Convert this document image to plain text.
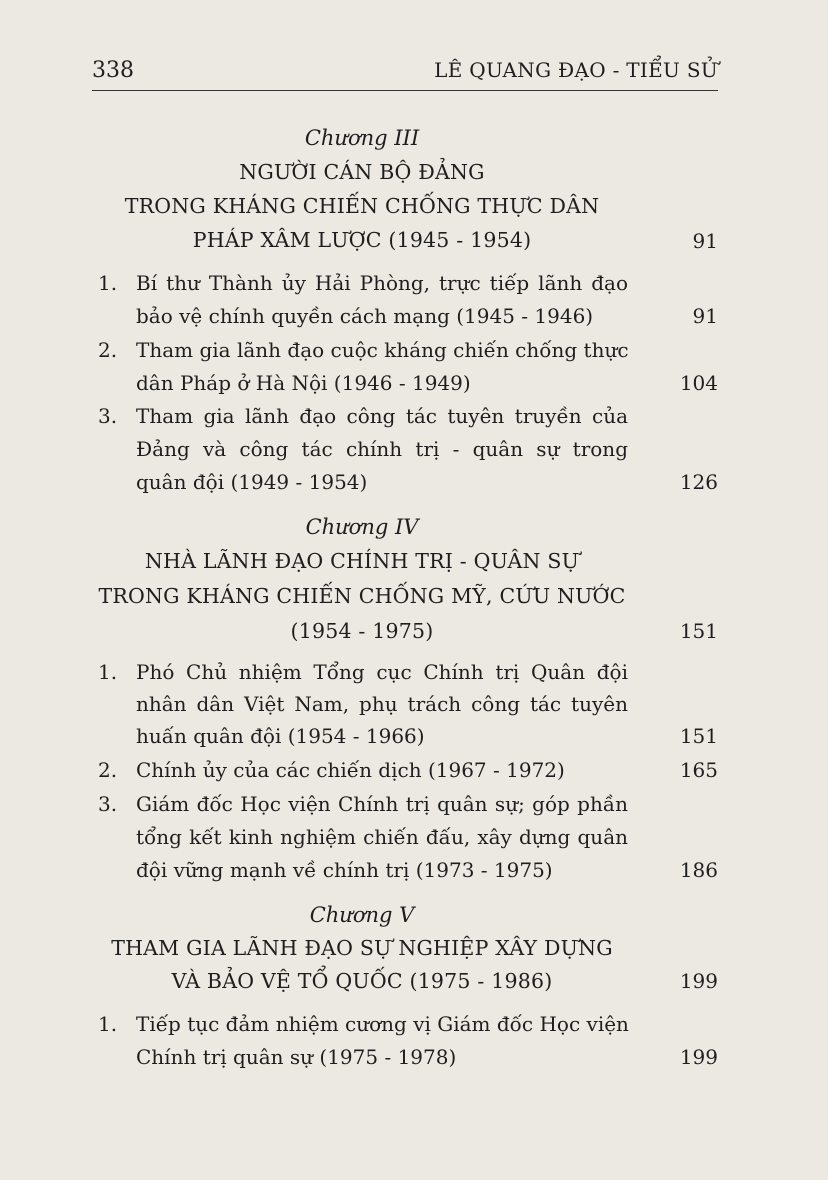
338	LÊ QUANG ĐẠO - TIỂU SỬ
Chương III
NGƯỜI CÁN BỘ ĐẢNG
TRONG KHÁNG CHIẾN CHỐNG THỰC DÂN
PHÁP XÂM LƯỢC (1945 - 1954)	91
1. Bí thư Thành ủy Hải Phòng, trực tiếp lãnh đạo
bảo vệ chính quyền cách mạng (1945 - 1946)	91
2. Tham gia lãnh đạo cuộc kháng chiến chống thực
dân Pháp ở Hà Nội (1946 - 1949)	104
3. Tham gia lãnh đạo công tác tuyên truyền của
Đảng và công tác chính trị - quân sự trong
quân đội (1949 - 1954)	126
Chương IV
NHÀ LÃNH ĐẠO CHÍNH TRỊ - QUÂN SỰ
TRONG KHÁNG CHIẾN CHỐNG MỸ, CỨU NƯỚC
(1954 - 1975)	151
1. Phó Chủ nhiệm Tổng cục Chính trị Quân đội
nhân dân Việt Nam, phụ trách công tác tuyên
huấn quân đội (1954 - 1966)	151
2. Chính ủy của các chiến dịch (1967 - 1972)	165
3. Giám đốc Học viện Chính trị quân sự; góp phần
tổng kết kinh nghiệm chiến đấu, xây dựng quân
đội vững mạnh về chính trị (1973 - 1975)	186
Chương V
THAM GIA LÃNH ĐẠO SỰ NGHIỆP XÂY DỰNG
VÀ BẢO VỆ TỔ QUỐC (1975 - 1986)	199
1. Tiếp tục đảm nhiệm cương vị Giám đốc Học viện
Chính trị quân sự (1975 - 1978)	199
